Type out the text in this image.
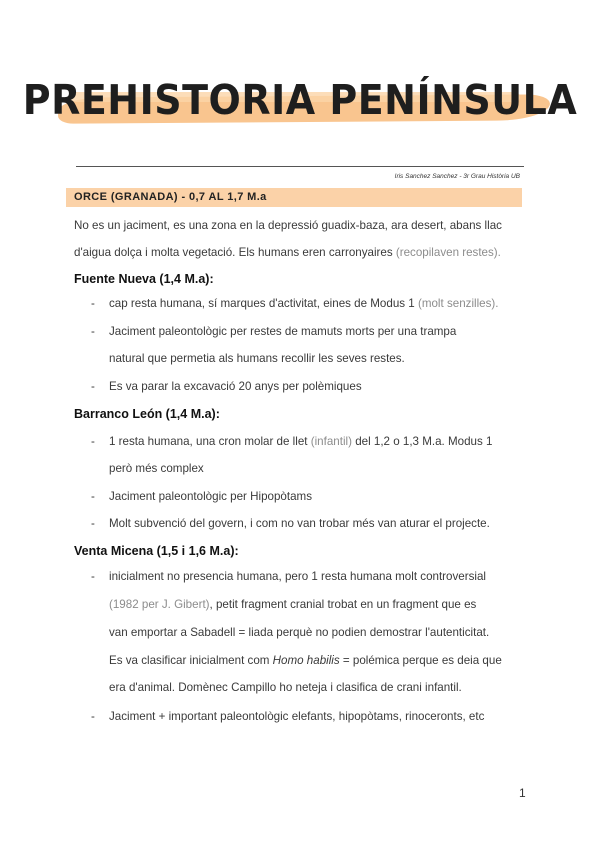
PREHISTORIA PENÍNSULA
Iris Sanchez Sanchez - 3r Grau Història UB
ORCE (GRANADA) - 0,7 AL 1,7 M.a
No es un jaciment, es una zona en la depressió guadix-baza, ara desert, abans llac
d'aigua dolça i molta vegetació. Els humans eren carronyaires (recopilaven restes).
Fuente Nueva (1,4 M.a):
- cap resta humana, sí marques d'activitat, eines de Modus 1 (molt senzilles).
- Jaciment paleontològic per restes de mamuts morts per una trampa
natural que permetia als humans recollir les seves restes.
- Es va parar la excavació 20 anys per polèmiques
Barranco León (1,4 M.a):
- 1 resta humana, una cron molar de llet (infantil) del 1,2 o 1,3 M.a. Modus 1
però més complex
- Jaciment paleontològic per Hipopòtams
- Molt subvenció del govern, i com no van trobar més van aturar el projecte.
Venta Micena (1,5 i 1,6 M.a):
- inicialment no presencia humana, pero 1 resta humana molt controversial
(1982 per J. Gibert), petit fragment cranial trobat en un fragment que es
van emportar a Sabadell = liada perquè no podien demostrar l'autenticitat.
Es va clasificar inicialment com Homo habilis = polémica perque es deia que
era d'animal. Domènec Campillo ho neteja i clasifica de crani infantil.
- Jaciment + important paleontològic elefants, hipopòtams, rinoceronts, etc
1
